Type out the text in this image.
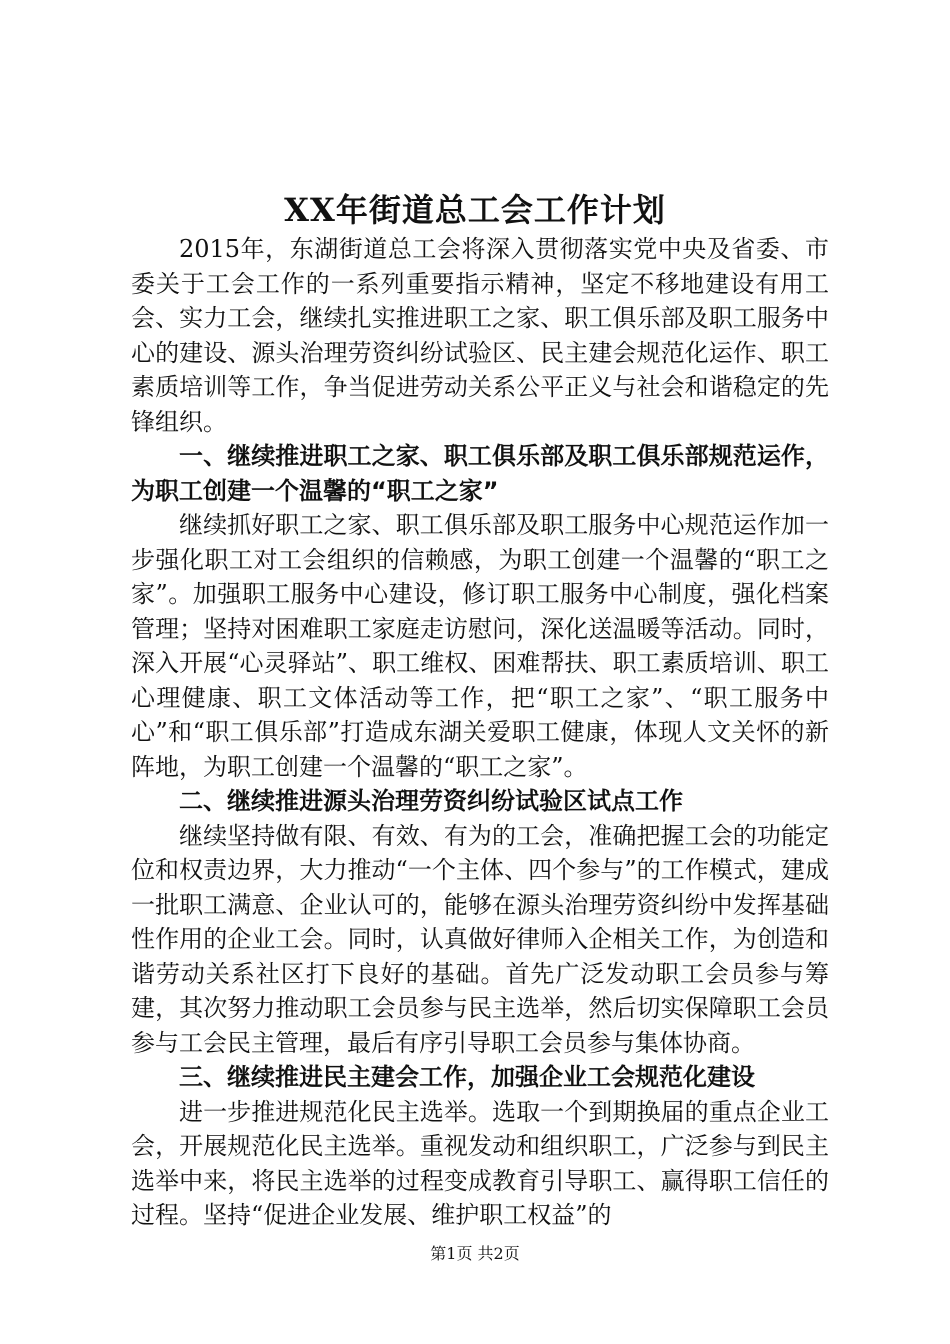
XX年街道总工会工作计划

2015年，东湖街道总工会将深入贯彻落实党中央及省委、市委关于工会工作的一系列重要指示精神，坚定不移地建设有用工会、实力工会，继续扎实推进职工之家、职工俱乐部及职工服务中心的建设、源头治理劳资纠纷试验区、民主建会规范化运作、职工素质培训等工作，争当促进劳动关系公平正义与社会和谐稳定的先锋组织。

一、继续推进职工之家、职工俱乐部及职工俱乐部规范运作，为职工创建一个温馨的“职工之家”

继续抓好职工之家、职工俱乐部及职工服务中心规范运作加一步强化职工对工会组织的信赖感，为职工创建一个温馨的“职工之家”。加强职工服务中心建设，修订职工服务中心制度，强化档案管理；坚持对困难职工家庭走访慰问，深化送温暖等活动。同时，深入开展“心灵驿站”、职工维权、困难帮扶、职工素质培训、职工心理健康、职工文体活动等工作，把“职工之家”、“职工服务中心”和“职工俱乐部”打造成东湖关爱职工健康，体现人文关怀的新阵地，为职工创建一个温馨的“职工之家”。

二、继续推进源头治理劳资纠纷试验区试点工作

继续坚持做有限、有效、有为的工会，准确把握工会的功能定位和权责边界，大力推动“一个主体、四个参与”的工作模式，建成一批职工满意、企业认可的，能够在源头治理劳资纠纷中发挥基础性作用的企业工会。同时，认真做好律师入企相关工作，为创造和谐劳动关系社区打下良好的基础。首先广泛发动职工会员参与筹建，其次努力推动职工会员参与民主选举，然后切实保障职工会员参与工会民主管理，最后有序引导职工会员参与集体协商。

三、继续推进民主建会工作，加强企业工会规范化建设

进一步推进规范化民主选举。选取一个到期换届的重点企业工会，开展规范化民主选举。重视发动和组织职工，广泛参与到民主选举中来，将民主选举的过程变成教育引导职工、赢得职工信任的过程。坚持“促进企业发展、维护职工权益”的

第1页 共2页
